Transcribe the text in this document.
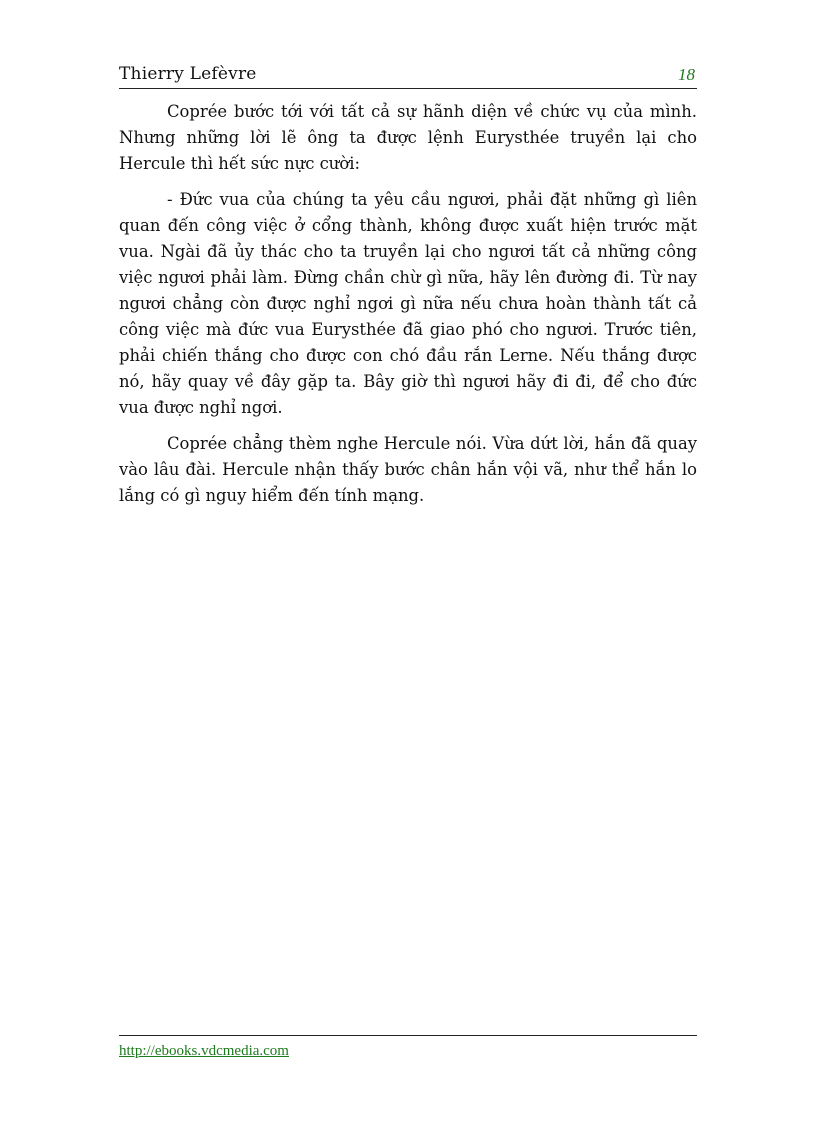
Thierry Lefèvre	18

Coprée bước tới với tất cả sự hãnh diện về chức vụ của mình. Nhưng những lời lẽ ông ta được lệnh Eurysthée truyền lại cho Hercule thì hết sức nực cười:

- Đức vua của chúng ta yêu cầu ngươi, phải đặt những gì liên quan đến công việc ở cổng thành, không được xuất hiện trước mặt vua. Ngài đã ủy thác cho ta truyền lại cho ngươi tất cả những công việc ngươi phải làm. Đừng chần chừ gì nữa, hãy lên đường đi. Từ nay ngươi chẳng còn được nghỉ ngơi gì nữa nếu chưa hoàn thành tất cả công việc mà đức vua Eurysthée đã giao phó cho ngươi. Trước tiên, phải chiến thắng cho được con chó đầu rắn Lerne. Nếu thắng được nó, hãy quay về đây gặp ta. Bây giờ thì ngươi hãy đi đi, để cho đức vua được nghỉ ngơi.

Coprée chẳng thèm nghe Hercule nói. Vừa dứt lời, hắn đã quay vào lâu đài. Hercule nhận thấy bước chân hắn vội vã, như thể hắn lo lắng có gì nguy hiểm đến tính mạng.

http://ebooks.vdcmedia.com
